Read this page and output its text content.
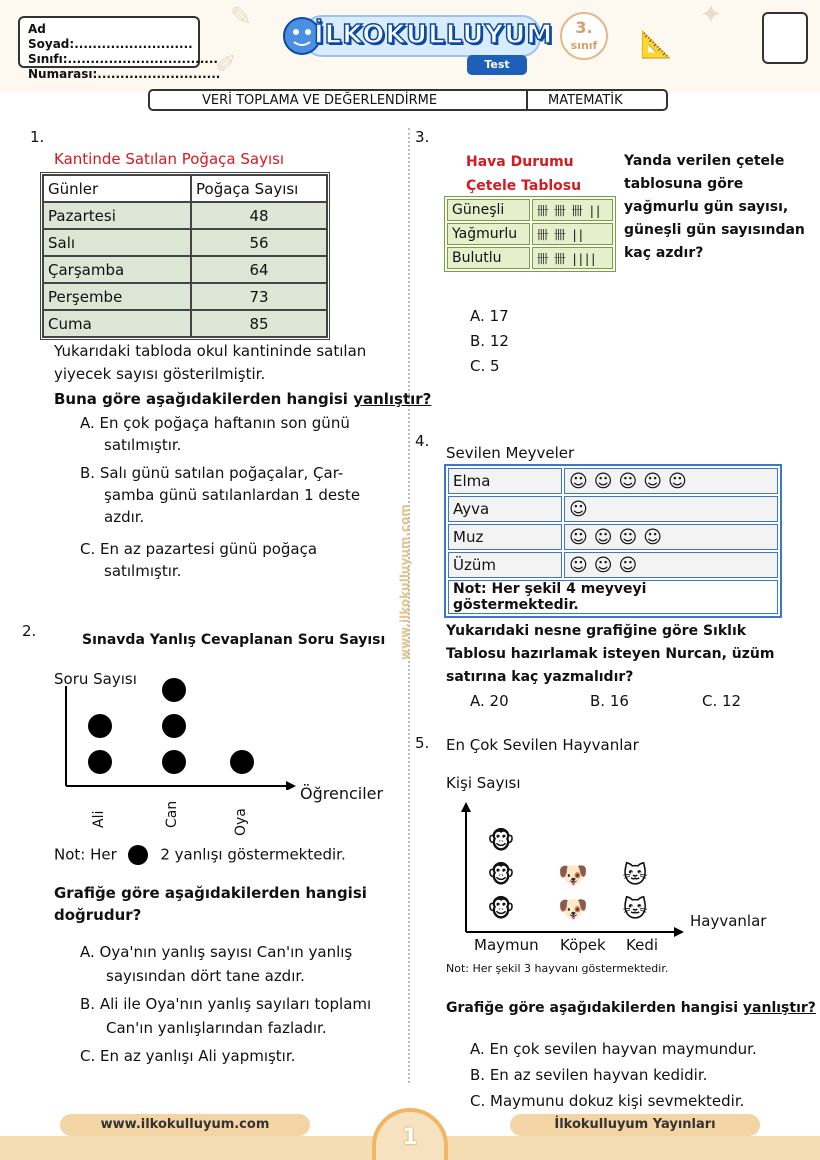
✎
📐
✦
✐
Ad Soyad:..........................
Sınıfı:.................................
Numarası:...........................
İLKOKULLUYUM
Test
3.
sınıf
VERİ TOPLAMA VE DEĞERLENDİRME	MATEMATİK
www.ilkokulluyum.com
1.
Kantinde Satılan Poğaça Sayısı
Günler	Poğaça Sayısı
Pazartesi	48
Salı	56
Çarşamba	64
Perşembe	73
Cuma	85
Yukarıdaki tabloda okul kantininde satılan
yiyecek sayısı gösterilmiştir.
Buna göre aşağıdakilerden hangisi yanlıştır?
A. En çok poğaça haftanın son günü
satılmıştır.
B. Salı günü satılan poğaçalar, Çar-
şamba günü satılanlardan 1 deste
azdır.
C. En az pazartesi günü poğaça
satılmıştır.
2.	Sınavda Yanlış Cevaplanan Soru Sayısı
Soru Sayısı
Öğrenciler
Ali	Can	Oya
Not: Her	2 yanlışı göstermektedir.
Grafiğe göre aşağıdakilerden hangisi
doğrudur?
A. Oya'nın yanlış sayısı Can'ın yanlış
sayısından dört tane azdır.
B. Ali ile Oya'nın yanlış sayıları toplamı
Can'ın yanlışlarından fazladır.
C. En az yanlışı Ali yapmıştır.
3.
Hava Durumu
Çetele Tablosu
Güneşli	卌 卌 卌 ||
Yağmurlu	卌 卌 ||
Bulutlu	卌 卌 ||||
Yanda verilen çetele
tablosuna göre
yağmurlu gün sayısı,
güneşli gün sayısından
kaç azdır?
A. 17
B. 12
C. 5
4.
Sevilen Meyveler
Elma	☺☺☺☺☺
Ayva	☺
Muz	☺☺☺☺
Üzüm	☺☺☺
Not: Her şekil 4 meyveyi göstermektedir.	
Yukarıdaki nesne grafiğine göre Sıklık
Tablosu hazırlamak isteyen Nurcan, üzüm
satırına kaç yazmalıdır?
A. 20	B. 16	C. 12
5. En Çok Sevilen Hayvanlar
Kişi Sayısı
🐵
🐵
🐵
🐶
🐶
🐱
🐱
Hayvanlar
Maymun Köpek Kedi
Not: Her şekil 3 hayvanı göstermektedir.
Grafiğe göre aşağıdakilerden hangisi yanlıştır?
A. En çok sevilen hayvan maymundur.
B. En az sevilen hayvan kedidir.
C. Maymunu dokuz kişi sevmektedir.
www.ilkokulluyum.com	İlkokulluyum Yayınları
1
